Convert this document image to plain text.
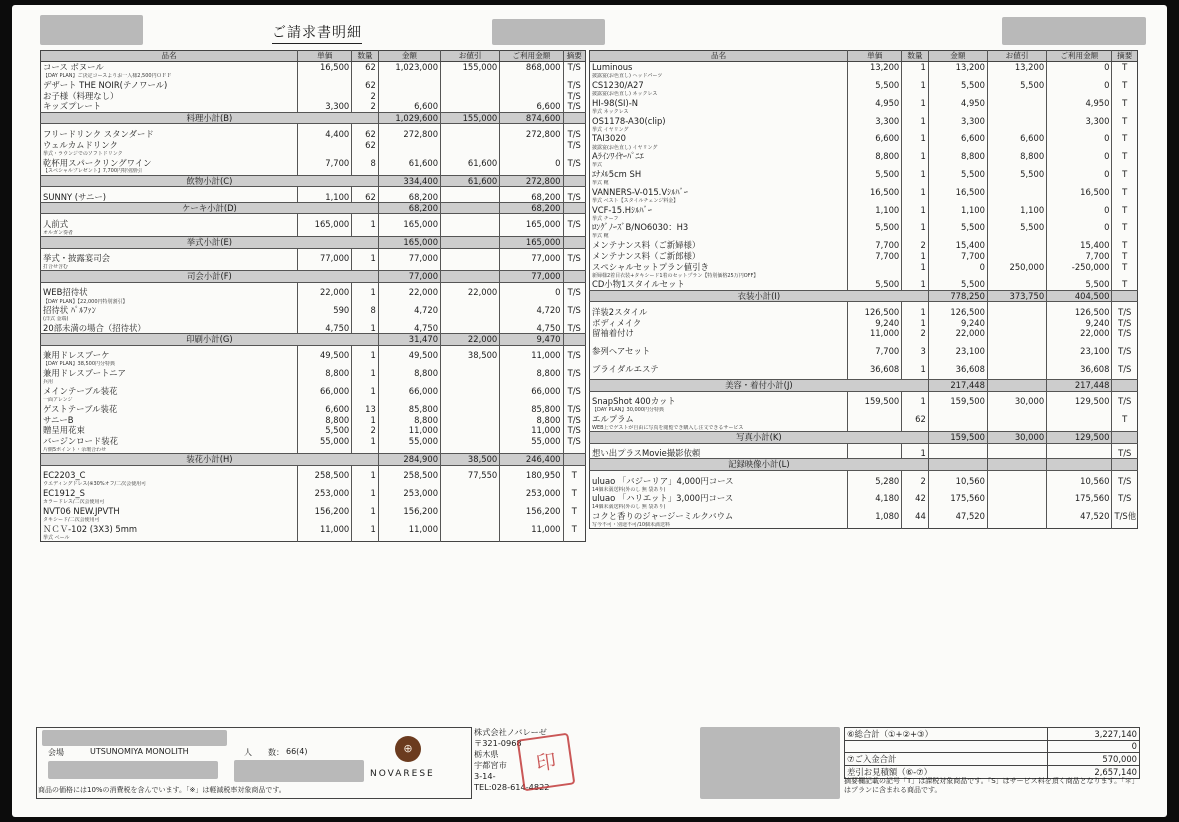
ご請求書明細
品名	単価	数量	金額	お値引	ご利用金額	摘要
コース ボヌール	16,500	62	1,023,000	155,000	868,000	T/S
【DAY PLAN】ご決定コースよりお一人様2,500円ＯＦＦ						
デザート THE NOIR(テノワール)		62				T/S
お子様（料理なし）		2				T/S
キッズプレート	3,300	2	6,600		6,600	T/S
料理小計(B)			1,029,600	155,000	874,600	

フリードリンク スタンダード	4,400	62	272,800		272,800	T/S
ウェルカムドリンク		62				T/S
挙式・ラウンジでのソフトドリンク						
乾杯用スパークリングワイン	7,700	8	61,600	61,600	0	T/S
【スペシャルプレゼント】7,700円特別割引						
飲物小計(C)			334,400	61,600	272,800	

SUNNY (サニー)	1,100	62	68,200		68,200	T/S
ケーキ小計(D)			68,200		68,200	

人前式	165,000	1	165,000		165,000	T/S
オルガン奏者						
挙式小計(E)			165,000		165,000	

挙式・披露宴司会	77,000	1	77,000		77,000	T/S
打合せ含む						
司会小計(F)			77,000		77,000	

WEB招待状	22,000	1	22,000	22,000	0	T/S
【DAY PLAN】【22,000円特別割引】						
招待状 ﾊﾟﾙﾌｧﾝ	590	8	4,720		4,720	T/S
(洋式 金端)						
20部未満の場合（招待状）	4,750	1	4,750		4,750	T/S
印刷小計(G)			31,470	22,000	9,470	

兼用ドレスブーケ	49,500	1	49,500	38,500	11,000	T/S
【DAY PLAN】38,500円分特典						
兼用ドレスブートニア	8,800	1	8,800		8,800	T/S
兵用						
メインテーブル装花	66,000	1	66,000		66,000	T/S
一面アレンジ						
ゲストテーブル装花	6,600	13	85,800		85,800	T/S
サニーB	8,800	1	8,800		8,800	T/S
贈呈用花束	5,500	2	11,000		11,000	T/S
バージンロード装花	55,000	1	55,000		55,000	T/S
片側5ポイント・余壇合わせ						
装花小計(H)			284,900	38,500	246,400	

EC2203_C	258,500	1	258,500	77,550	180,950	T
ウエディングドレス(※30%オフ/二次会使用可						
EC1912_S	253,000	1	253,000		253,000	T
カラードレス/二次会使用可						
NVT06 NEW.JPVTH	156,200	1	156,200		156,200	T
タキシード/二次会使用可						
ＮＣＶ-102 (3X3) 5mm	11,000	1	11,000		11,000	T
挙式 ベール						
品名	単価	数量	金額	お値引	ご利用金額	摘要
Luminous	13,200	1	13,200	13,200	0	T
披露宴(お色直し) ヘッドパーツ						
CS1230/A27	5,500	1	5,500	5,500	0	T
披露宴(お色直し) ネックレス						
HI-98(SI)-N	4,950	1	4,950		4,950	T
挙式 ネックレス						
OS1178-A30(clip)	3,300	1	3,300		3,300	T
挙式 イヤリング						
TAI3020	6,600	1	6,600	6,600	0	T
披露宴(お色直し) イヤリング						
Aﾗｲﾝﾜｲﾔｰﾊﾟﾆｴ	8,800	1	8,800	8,800	0	T
挙式						
ｴﾅﾒﾙ5cm SH	5,500	1	5,500	5,500	0	T
挙式 靴						
VANNERS-V-015.Vｼﾙﾊﾞｰ	16,500	1	16,500		16,500	T
挙式 ベスト【スタイルチェンジ料金】						
VCF-15.Hｼﾙﾊﾞｰ	1,100	1	1,100	1,100	0	T
挙式 チーフ						
ﾛﾝｸﾞﾉｰｽﾞB/NO6030：H3	5,500	1	5,500	5,500	0	T
挙式 靴						
メンテナンス料（ご新婦様）	7,700	2	15,400		15,400	T
メンテナンス料（ご新郎様）	7,700	1	7,700		7,700	T
スペシャルセットプラン値引き		1	0	250,000	-250,000	T
新婦様2着目衣装+タキシード1着のセットプラン【特別価格25万円OFF】						
CD小物1スタイルセット	5,500	1	5,500		5,500	T
衣装小計(I)			778,250	373,750	404,500	

洋装2スタイル	126,500	1	126,500		126,500	T/S
ボディメイク	9,240	1	9,240		9,240	T/S
留袖着付け	11,000	2	22,000		22,000	T/S

参列ヘアセット	7,700	3	23,100		23,100	T/S

ブライダルエステ	36,608	1	36,608		36,608	T/S

美容・着付小計(J)			217,448		217,448	

SnapShot 400カット	159,500	1	159,500	30,000	129,500	T/S
【DAY PLAN】30,000円分特典						
エルプラム		62				T
WEB上でゲストが自由に写真を閲覧でき購入し注文できるサービス						
写真小計(K)			159,500	30,000	129,500	

想い出プラスMovie撮影依頼		1				T/S
記録映像小計(L)						

uluao 「バジーリア」4,000円コース	5,280	2	10,560		10,560	T/S
14個未満送料(外のし 無 袋あり)						
uluao 「ハリエット」3,000円コース	4,180	42	175,560		175,560	T/S
14個未満送料(外のし 無 袋あり)						
コクと香りのジャージーミルクバウム	1,080	44	47,520		47,520	T/S他
写今不可・別途不可/10個未満送料						
会場	UTSUNOMIYA MONOLITH	人　　数： 66(4)
商品の価格には10%の消費税を含んでいます。「※」は軽減税率対象商品です。
⊕
NOVARESE
株式会社ノバレーゼ
〒321-0968
栃木県
宇都宮市
3-14-
TEL:028-614-4822
印
⑥総合計（①+②+③）	3,227,140
	0
⑦ご入金合計	570,000
差引お見積額（⑥-⑦）	2,657,140
摘要欄記載の記号「T」は課税対象商品です。「S」はサービス料を頂く商品となります。「＊」はプランに含まれる商品です。
